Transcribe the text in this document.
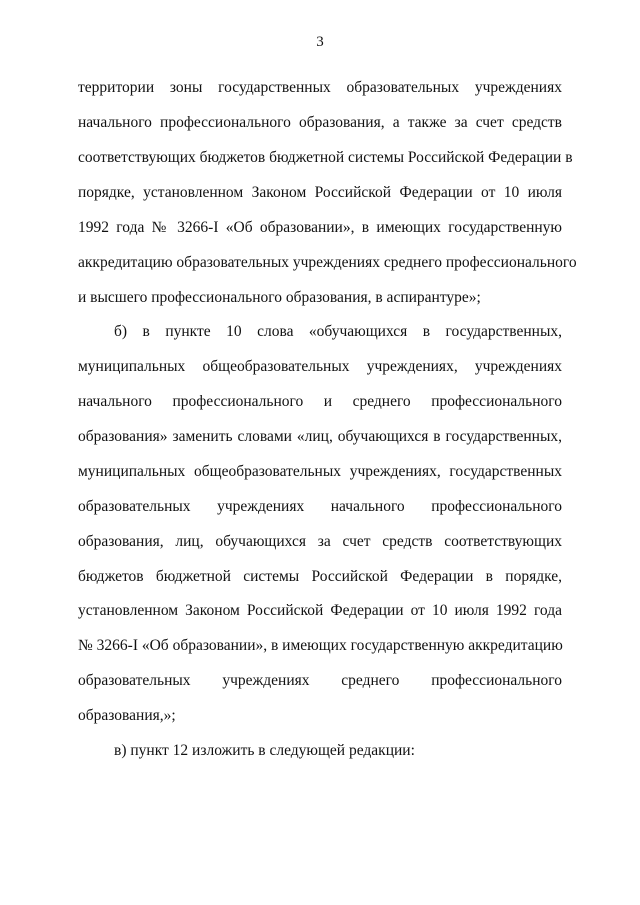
3
территории зоны государственных образовательных учреждениях
начального профессионального образования, а также за счет средств
соответствующих бюджетов бюджетной системы Российской Федерации в
порядке, установленном Законом Российской Федерации от 10 июля
1992 года № 3266-I «Об образовании», в имеющих государственную
аккредитацию образовательных учреждениях среднего профессионального
и высшего профессионального образования, в аспирантуре»;
б) в пункте 10 слова «обучающихся в государственных,
муниципальных общеобразовательных учреждениях, учреждениях
начального профессионального и среднего профессионального
образования» заменить словами «лиц, обучающихся в государственных,
муниципальных общеобразовательных учреждениях, государственных
образовательных учреждениях начального профессионального
образования, лиц, обучающихся за счет средств соответствующих
бюджетов бюджетной системы Российской Федерации в порядке,
установленном Законом Российской Федерации от 10 июля 1992 года
№ 3266-I «Об образовании», в имеющих государственную аккредитацию
образовательных учреждениях среднего профессионального
образования,»;
в) пункт 12 изложить в следующей редакции:
